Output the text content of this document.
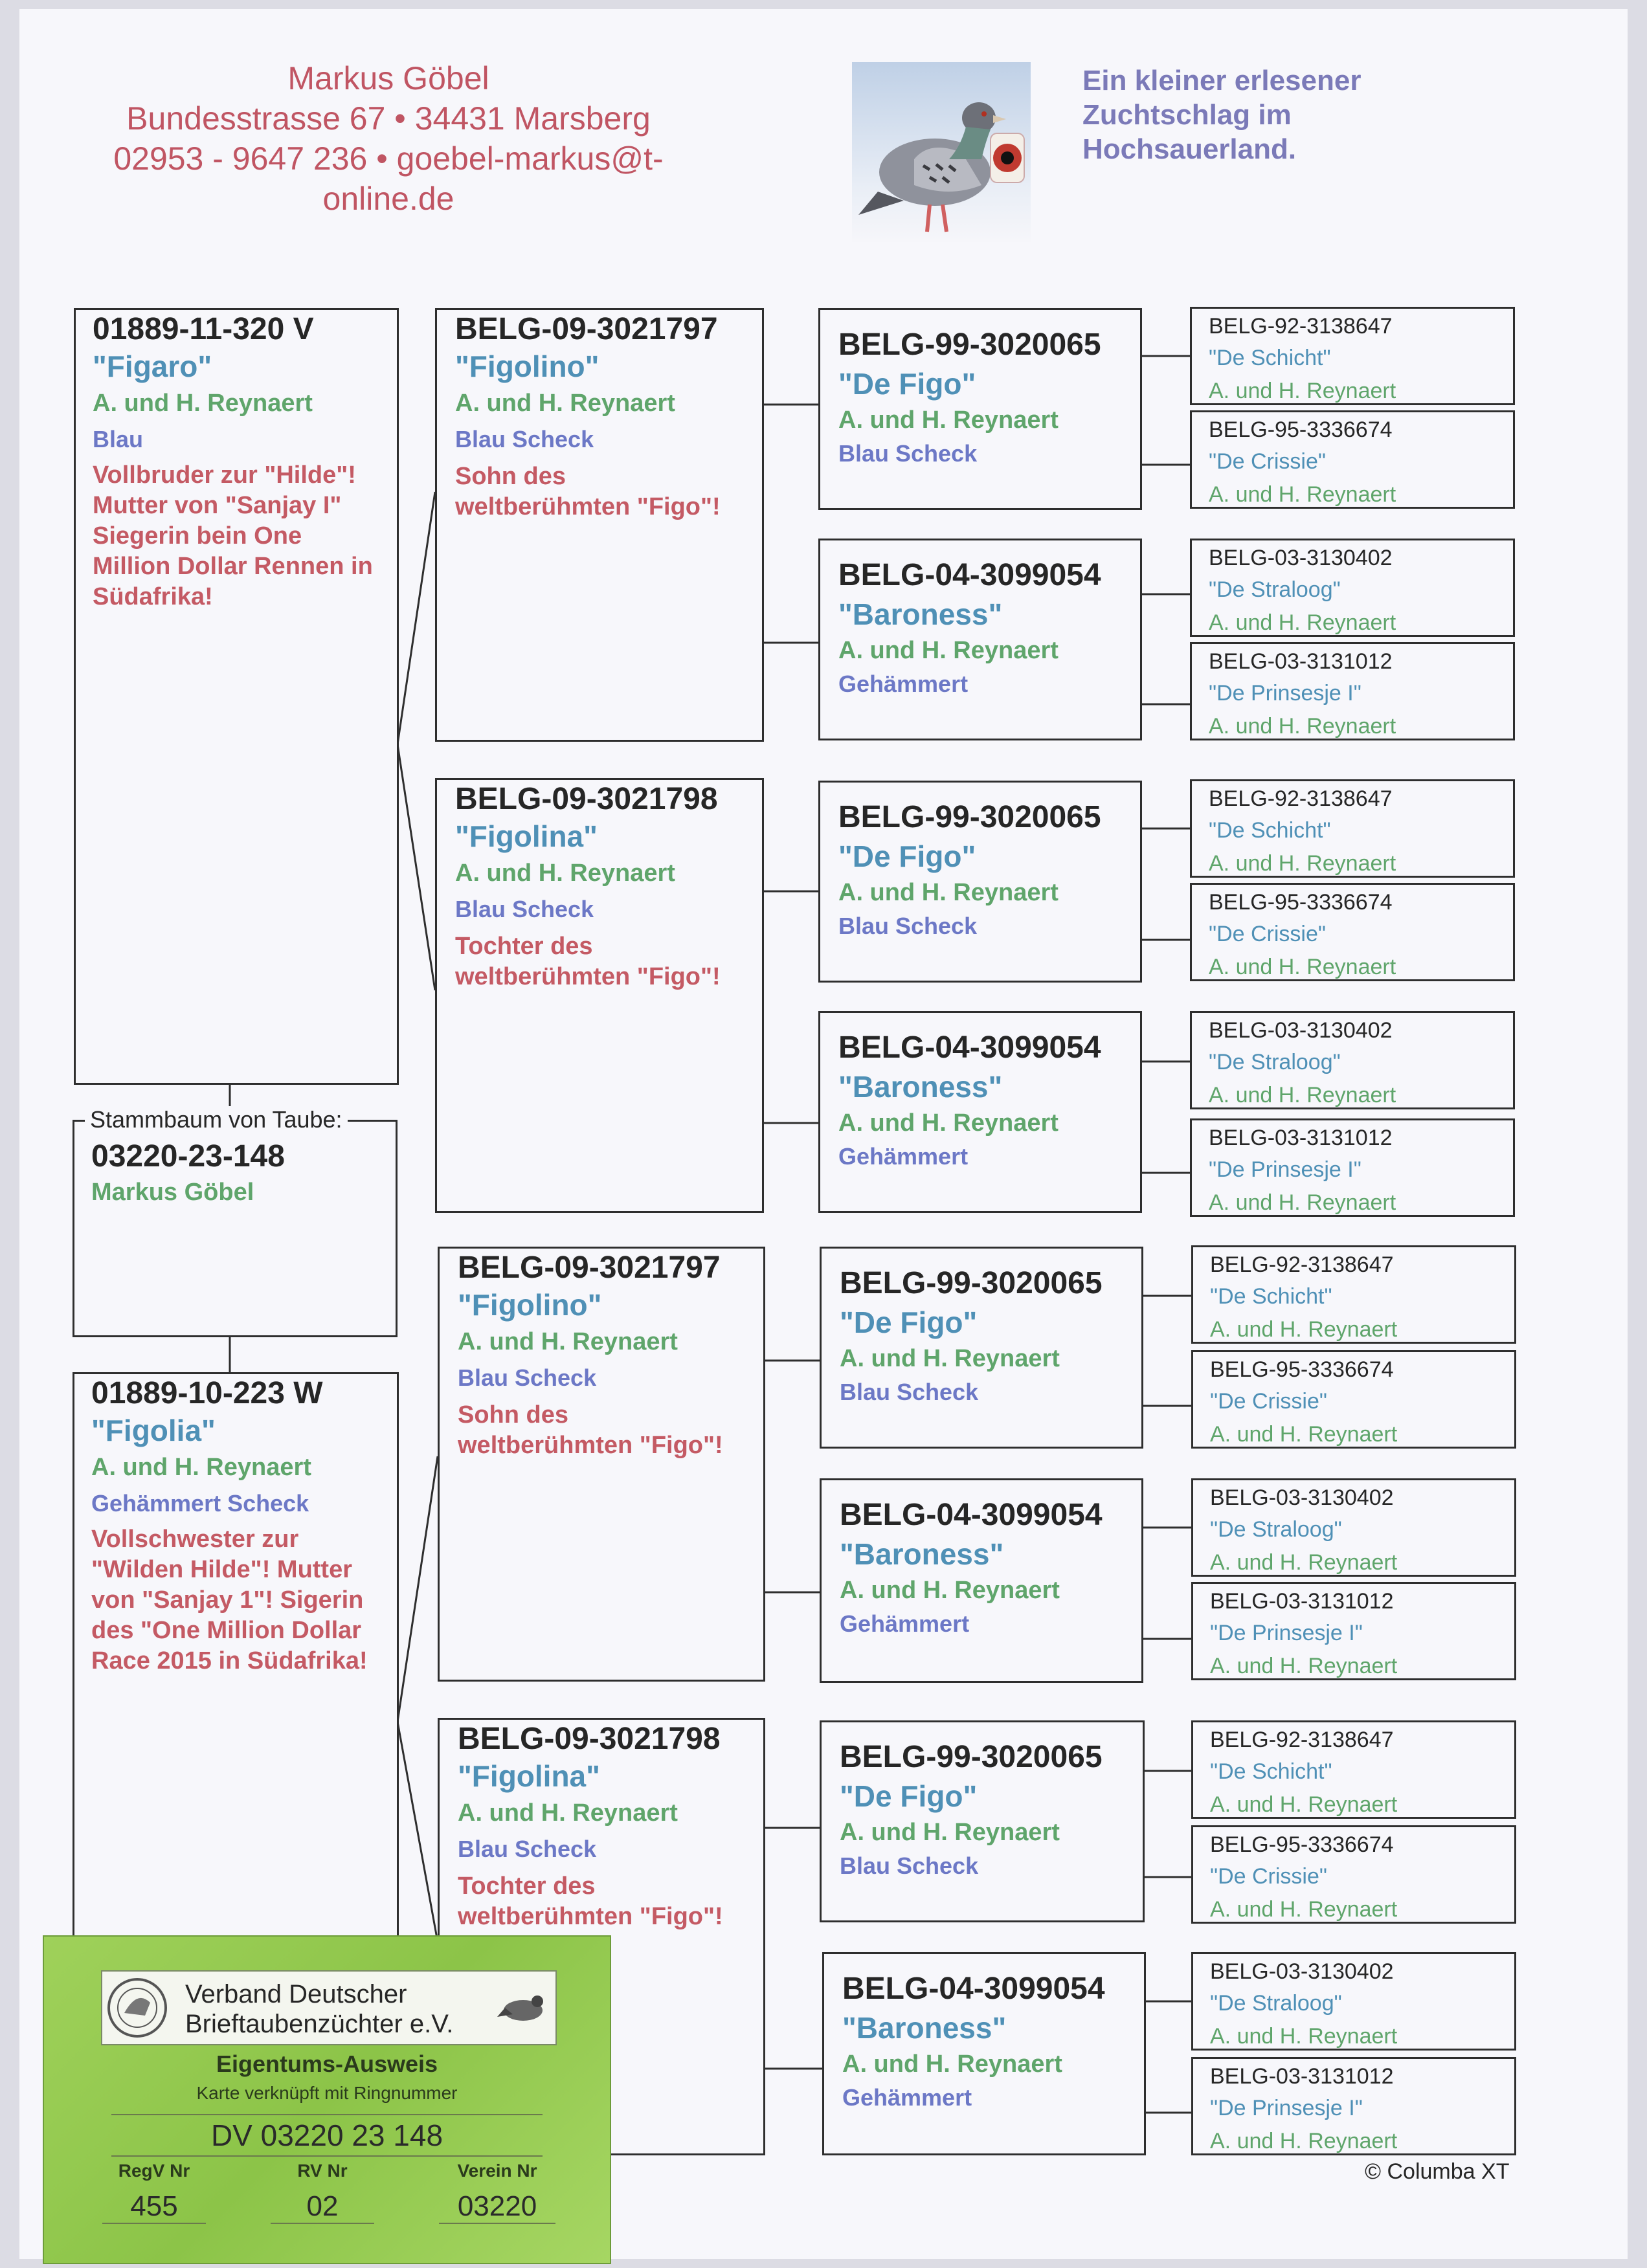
Markus Göbel
Bundesstrasse 67 • 34431 Marsberg
02953 - 9647 236 • goebel-markus@t-online.de
Ein kleiner erlesener
Zuchtschlag im
Hochsauerland.
01889-11-320 V
"Figaro"
A. und H. Reynaert
Blau
Vollbruder zur "Hilde"!
Mutter von "Sanjay I"
Siegerin bein One
Million Dollar Rennen in
Südafrika!
Stammbaum von Taube:
03220-23-148
Markus Göbel
01889-10-223 W
"Figolia"
A. und H. Reynaert
Gehämmert Scheck
Vollschwester zur
"Wilden Hilde"! Mutter
von "Sanjay 1"! Sigerin
des "One Million Dollar
Race 2015 in Südafrika!
BELG-09-3021797
"Figolino"
A. und H. Reynaert
Blau Scheck
Sohn des
weltberühmten "Figo"!
BELG-09-3021798
"Figolina"
A. und H. Reynaert
Blau Scheck
Tochter des
weltberühmten "Figo"!
BELG-09-3021797
"Figolino"
A. und H. Reynaert
Blau Scheck
Sohn des
weltberühmten "Figo"!
BELG-09-3021798
"Figolina"
A. und H. Reynaert
Blau Scheck
Tochter des
weltberühmten "Figo"!
BELG-99-3020065
"De Figo"
A. und H. Reynaert
Blau Scheck
BELG-04-3099054
"Baroness"
A. und H. Reynaert
Gehämmert
BELG-99-3020065
"De Figo"
A. und H. Reynaert
Blau Scheck
BELG-04-3099054
"Baroness"
A. und H. Reynaert
Gehämmert
BELG-99-3020065
"De Figo"
A. und H. Reynaert
Blau Scheck
BELG-04-3099054
"Baroness"
A. und H. Reynaert
Gehämmert
BELG-99-3020065
"De Figo"
A. und H. Reynaert
Blau Scheck
BELG-04-3099054
"Baroness"
A. und H. Reynaert
Gehämmert
BELG-92-3138647
"De Schicht"
A. und H. Reynaert
BELG-95-3336674
"De Crissie"
A. und H. Reynaert
BELG-03-3130402
"De Straloog"
A. und H. Reynaert
BELG-03-3131012
"De Prinsesje I"
A. und H. Reynaert
BELG-92-3138647
"De Schicht"
A. und H. Reynaert
BELG-95-3336674
"De Crissie"
A. und H. Reynaert
BELG-03-3130402
"De Straloog"
A. und H. Reynaert
BELG-03-3131012
"De Prinsesje I"
A. und H. Reynaert
BELG-92-3138647
"De Schicht"
A. und H. Reynaert
BELG-95-3336674
"De Crissie"
A. und H. Reynaert
BELG-03-3130402
"De Straloog"
A. und H. Reynaert
BELG-03-3131012
"De Prinsesje I"
A. und H. Reynaert
BELG-92-3138647
"De Schicht"
A. und H. Reynaert
BELG-95-3336674
"De Crissie"
A. und H. Reynaert
BELG-03-3130402
"De Straloog"
A. und H. Reynaert
BELG-03-3131012
"De Prinsesje I"
A. und H. Reynaert
© Columba XT
Verband Deutscher
Brieftaubenzüchter e.V.
Eigentums-Ausweis
Karte verknüpft mit Ringnummer
DV 03220 23 148
RegV Nr	RV Nr	Verein Nr
455	02	03220
